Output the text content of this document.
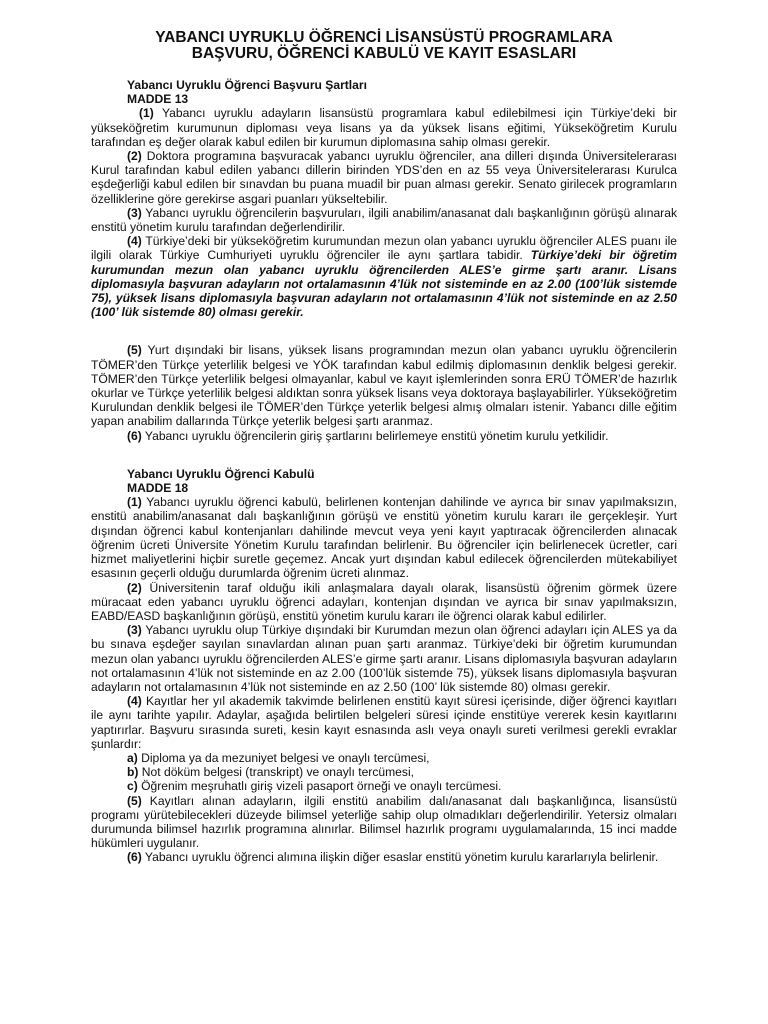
YABANCI UYRUKLU ÖĞRENCİ LİSANSÜSTÜ PROGRAMLARA
BAŞVURU, ÖĞRENCİ KABULÜ VE KAYIT ESASLARI

Yabancı Uyruklu Öğrenci Başvuru Şartları

MADDE 13

(1) Yabancı uyruklu adayların lisansüstü programlara kabul edilebilmesi için Türkiye’deki bir yükseköğretim kurumunun diploması veya lisans ya da yüksek lisans eğitimi, Yükseköğretim Kurulu tarafından eş değer olarak kabul edilen bir kurumun diplomasına sahip olması gerekir.

(2) Doktora programına başvuracak yabancı uyruklu öğrenciler, ana dilleri dışında Üniversitelerarası Kurul tarafından kabul edilen yabancı dillerin birinden YDS’den en az 55 veya Üniversitelerarası Kurulca eşdeğerliği kabul edilen bir sınavdan bu puana muadil bir puan alması gerekir. Senato girilecek programların özelliklerine göre gerekirse asgari puanları yükseltebilir.

(3) Yabancı uyruklu öğrencilerin başvuruları, ilgili anabilim/anasanat dalı başkanlığının görüşü alınarak enstitü yönetim kurulu tarafından değerlendirilir.

(4) Türkiye’deki bir yükseköğretim kurumundan mezun olan yabancı uyruklu öğrenciler ALES puanı ile ilgili olarak Türkiye Cumhuriyeti uyruklu öğrenciler ile aynı şartlara tabidir. Türkiye’deki bir öğretim kurumundan mezun olan yabancı uyruklu öğrencilerden ALES’e girme şartı aranır. Lisans diplomasıyla başvuran adayların not ortalamasının 4’lük not sisteminde en az 2.00 (100’lük sistemde 75), yüksek lisans diplomasıyla başvuran adayların not ortalamasının 4’lük not sisteminde en az 2.50 (100’ lük sistemde 80) olması gerekir.

(5) Yurt dışındaki bir lisans, yüksek lisans programından mezun olan yabancı uyruklu öğrencilerin TÖMER’den Türkçe yeterlilik belgesi ve YÖK tarafından kabul edilmiş diplomasının denklik belgesi gerekir. TÖMER’den Türkçe yeterlilik belgesi olmayanlar, kabul ve kayıt işlemlerinden sonra ERÜ TÖMER’de hazırlık okurlar ve Türkçe yeterlilik belgesi aldıktan sonra yüksek lisans veya doktoraya başlayabilirler. Yükseköğretim Kurulundan denklik belgesi ile TÖMER’den Türkçe yeterlik belgesi almış olmaları istenir. Yabancı dille eğitim yapan anabilim dallarında Türkçe yeterlik belgesi şartı aranmaz.

(6) Yabancı uyruklu öğrencilerin giriş şartlarını belirlemeye enstitü yönetim kurulu yetkilidir.

Yabancı Uyruklu Öğrenci Kabulü

MADDE 18

(1) Yabancı uyruklu öğrenci kabulü, belirlenen kontenjan dahilinde ve ayrıca bir sınav yapılmaksızın, enstitü anabilim/anasanat dalı başkanlığının görüşü ve enstitü yönetim kurulu kararı ile gerçekleşir. Yurt dışından öğrenci kabul kontenjanları dahilinde mevcut veya yeni kayıt yaptıracak öğrencilerden alınacak öğrenim ücreti Üniversite Yönetim Kurulu tarafından belirlenir. Bu öğrenciler için belirlenecek ücretler, cari hizmet maliyetlerini hiçbir suretle geçemez. Ancak yurt dışından kabul edilecek öğrencilerden mütekabiliyet esasının geçerli olduğu durumlarda öğrenim ücreti alınmaz.

(2) Üniversitenin taraf olduğu ikili anlaşmalara dayalı olarak, lisansüstü öğrenim görmek üzere müracaat eden yabancı uyruklu öğrenci adayları, kontenjan dışından ve ayrıca bir sınav yapılmaksızın, EABD/EASD başkanlığının görüşü, enstitü yönetim kurulu kararı ile öğrenci olarak kabul edilirler.

(3) Yabancı uyruklu olup Türkiye dışındaki bir Kurumdan mezun olan öğrenci adayları için ALES ya da bu sınava eşdeğer sayılan sınavlardan alınan puan şartı aranmaz. Türkiye’deki bir öğretim kurumundan mezun olan yabancı uyruklu öğrencilerden ALES’e girme şartı aranır. Lisans diplomasıyla başvuran adayların not ortalamasının 4’lük not sisteminde en az 2.00 (100’lük sistemde 75), yüksek lisans diplomasıyla başvuran adayların not ortalamasının 4’lük not sisteminde en az 2.50 (100’ lük sistemde 80) olması gerekir.

(4) Kayıtlar her yıl akademik takvimde belirlenen enstitü kayıt süresi içerisinde, diğer öğrenci kayıtları ile aynı tarihte yapılır. Adaylar, aşağıda belirtilen belgeleri süresi içinde enstitüye vererek kesin kayıtlarını yaptırırlar. Başvuru sırasında sureti, kesin kayıt esnasında aslı veya onaylı sureti verilmesi gerekli evraklar şunlardır:

a) Diploma ya da mezuniyet belgesi ve onaylı tercümesi,

b) Not döküm belgesi (transkript) ve onaylı tercümesi,

c) Öğrenim meşruhatlı giriş vizeli pasaport örneği ve onaylı tercümesi.

(5) Kayıtları alınan adayların, ilgili enstitü anabilim dalı/anasanat dalı başkanlığınca, lisansüstü programı yürütebilecekleri düzeyde bilimsel yeterliğe sahip olup olmadıkları değerlendirilir. Yetersiz olmaları durumunda bilimsel hazırlık programına alınırlar. Bilimsel hazırlık programı uygulamalarında, 15 inci madde hükümleri uygulanır.

(6) Yabancı uyruklu öğrenci alımına ilişkin diğer esaslar enstitü yönetim kurulu kararlarıyla belirlenir.
